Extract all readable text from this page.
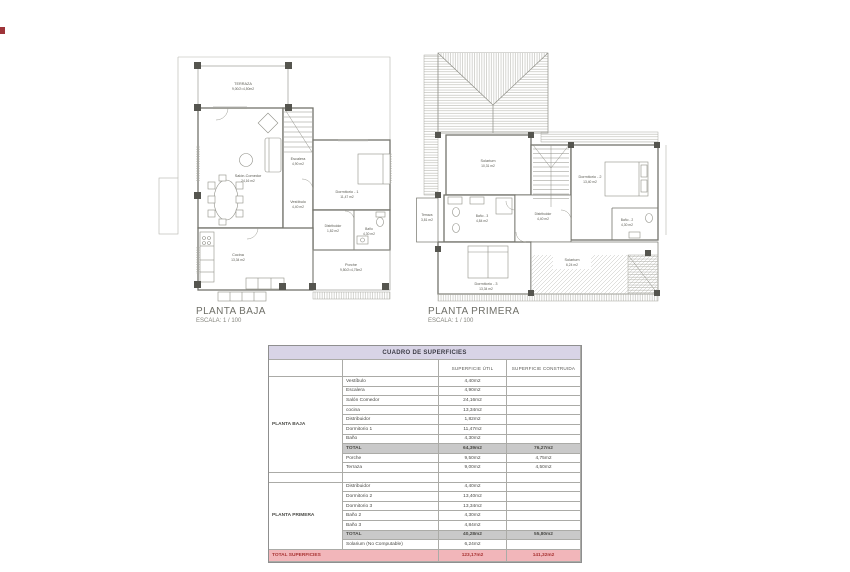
TERRAZA
9,00/2=4,50m2
Salón-Comedor
24,16 m2
Escalera
4,90 m2
Dormitorio - 1
11,47 m2
Vestíbulo
4,40 m2
Distribuidor
1,82 m2	Baño
4,30 m2
Cocina
13,34 m2
Porche
9,50/2=4,75m2
Solarium
10,31 m2
Terraza
3,81 m2
Baño - 3
4,84 m2
Distribuidor
4,40 m2
Dormitorio - 2
13,40 m2
Baño - 2
4,30 m2
Dormitorio - 3
13,34 m2
Solarium
6,24 m2
PLANTA BAJA
ESCALA: 1 / 100
PLANTA PRIMERA
ESCALA: 1 / 100
CUADRO DE SUPERFICIES
SUPERFICIE ÚTIL	SUPERFICIE CONSTRUIDA
PLANTA BAJA
Vestíbulo	4,40m2
Escalera	4,90m2
Salón Comedor	24,16m2
cocina	13,34m2
Distribuidor	1,82m2
Dormitorio 1	11,47m2
Baño	4,30m2
TOTAL	64,39m2	76,27m2
Porche	9,50m2	4,75m2
Terraza	9,00m2	4,50m2
PLANTA PRIMERA
Distribuidor	4,40m2
Dormitorio 2	13,40m2
Dormitorio 3	13,34m2
Baño 2	4,30m2
Baño 3	4,84m2
TOTAL	40,28m2	55,80m2
Solarium (No Computable)	6,24m2
TOTAL SUPERFICIES	123,17m2	141,32m2
